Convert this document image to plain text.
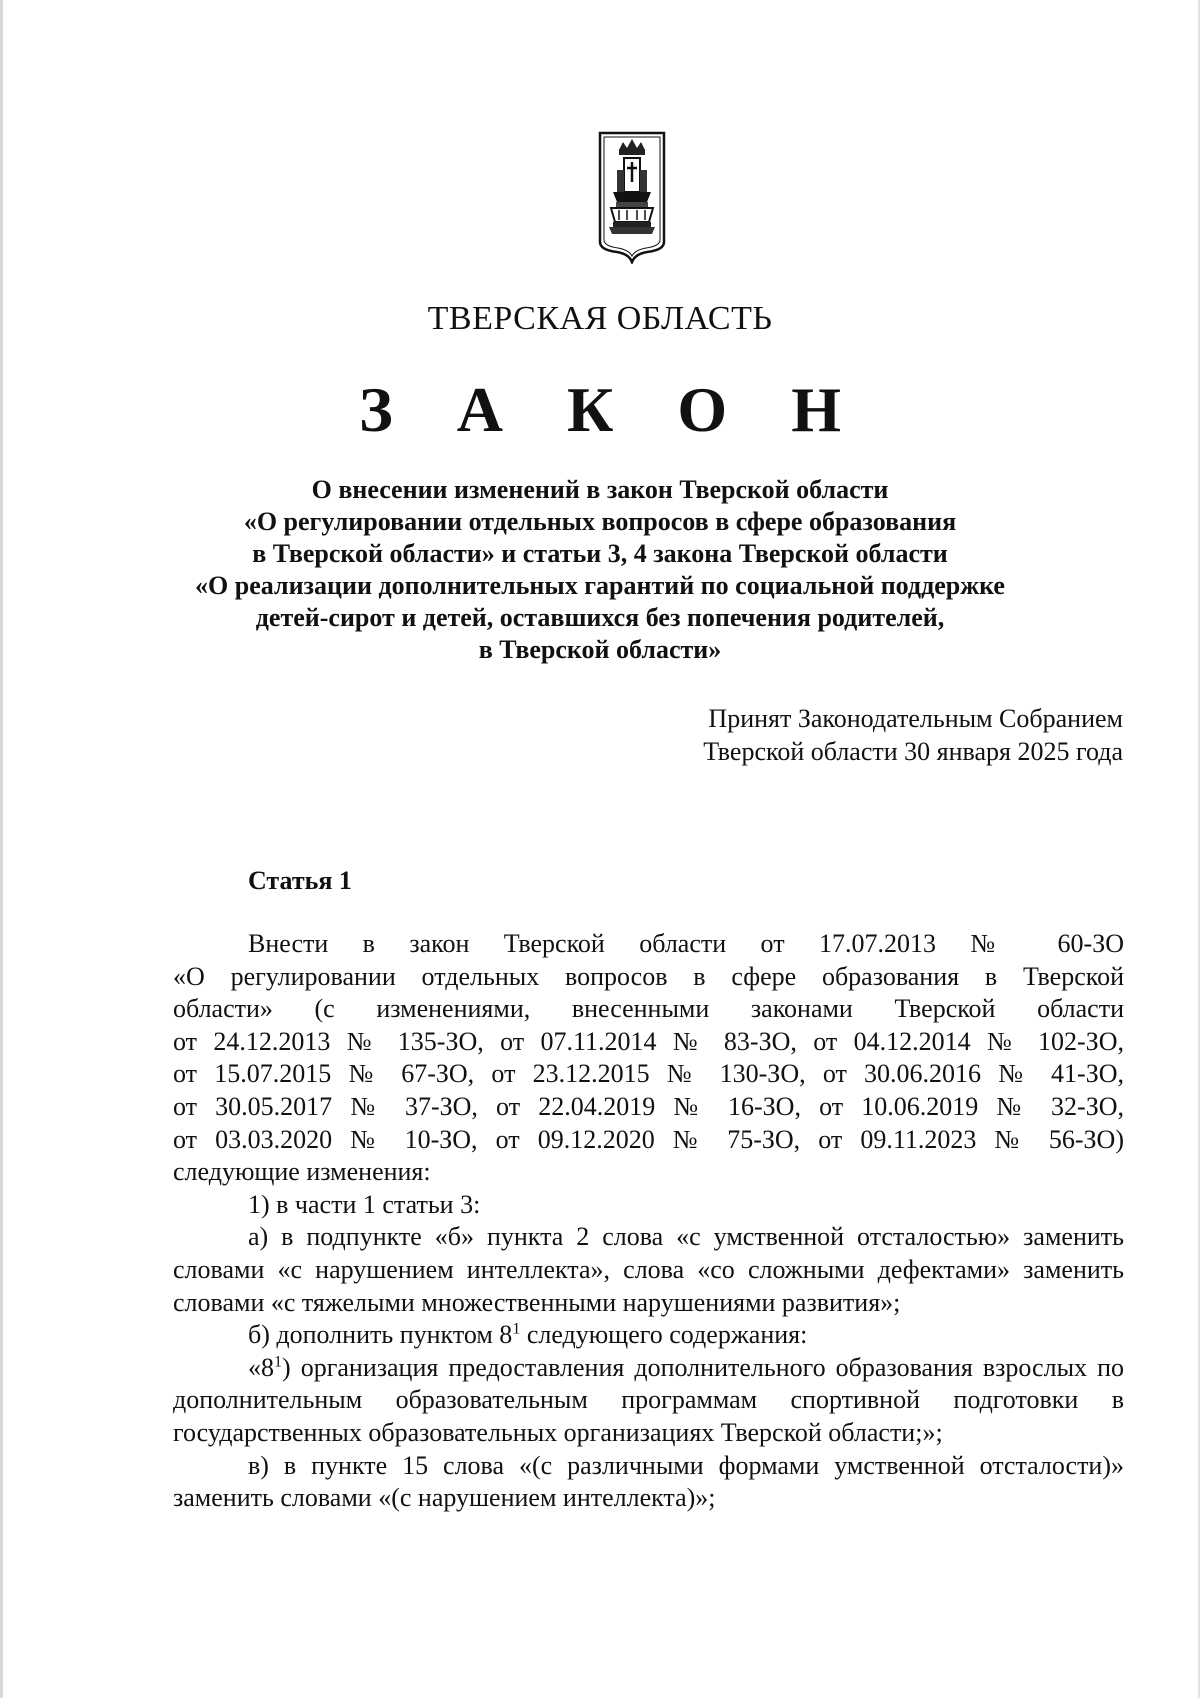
ТВЕРСКАЯ ОБЛАСТЬ
З А К О Н

О внесении изменений в закон Тверской области

«О регулировании отдельных вопросов в сфере образования

в Тверской области» и статьи 3, 4 закона Тверской области

«О реализации дополнительных гарантий по социальной поддержке

детей-сирот и детей, оставшихся без попечения родителей,

в Тверской области»

Принят Законодательным Собранием

Тверской области 30 января 2025 года

Статья 1

Внести в закон Тверской области от 17.07.2013 № 60-ЗО

«О регулировании отдельных вопросов в сфере образования в Тверской

области» (с изменениями, внесенными законами Тверской области

от 24.12.2013 № 135-ЗО, от 07.11.2014 № 83-ЗО, от 04.12.2014 № 102-ЗО,

от 15.07.2015 № 67-ЗО, от 23.12.2015 № 130-ЗО, от 30.06.2016 № 41-ЗО,

от 30.05.2017 № 37-ЗО, от 22.04.2019 № 16-ЗО, от 10.06.2019 № 32-ЗО,

от 03.03.2020 № 10-ЗО, от 09.12.2020 № 75-ЗО, от 09.11.2023 № 56-ЗО)

следующие изменения:

1) в части 1 статьи 3:

а) в подпункте «б» пункта 2 слова «с умственной отсталостью» заменить словами «с нарушением интеллекта», слова «со сложными дефектами» заменить словами «с тяжелыми множественными нарушениями развития»;

б) дополнить пунктом $8^1$ следующего содержания:

«$8^1$) организация предоставления дополнительного образования взрослых по дополнительным образовательным программам спортивной подготовки в государственных образовательных организациях Тверской области;»;

в) в пункте 15 слова «(с различными формами умственной отсталости)» заменить словами «(с нарушением интеллекта)»;
